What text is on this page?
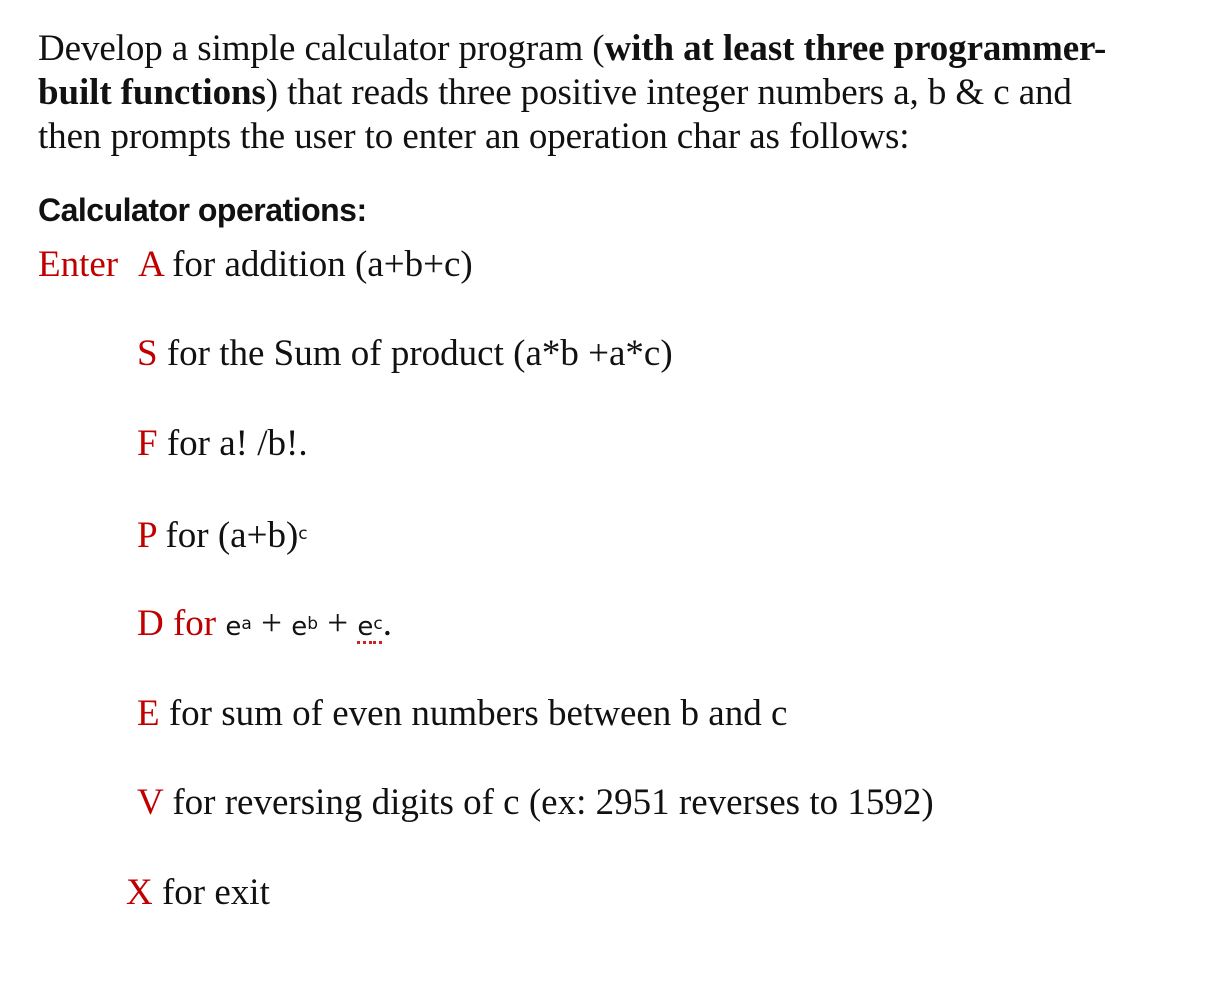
Develop a simple calculator program (with at least three programmer-
built functions) that reads three positive integer numbers a, b & c and
then prompts the user to enter an operation char as follows:
Calculator operations:
Enter A for addition (a+b+c)
S for the Sum of product (a*b +a*c)
F for a! /b!.
P for $(a+b)^c$
D for $e^a + e^b + e^c$.
E for sum of even numbers between b and c
V for reversing digits of c (ex: 2951 reverses to 1592)
X for exit
